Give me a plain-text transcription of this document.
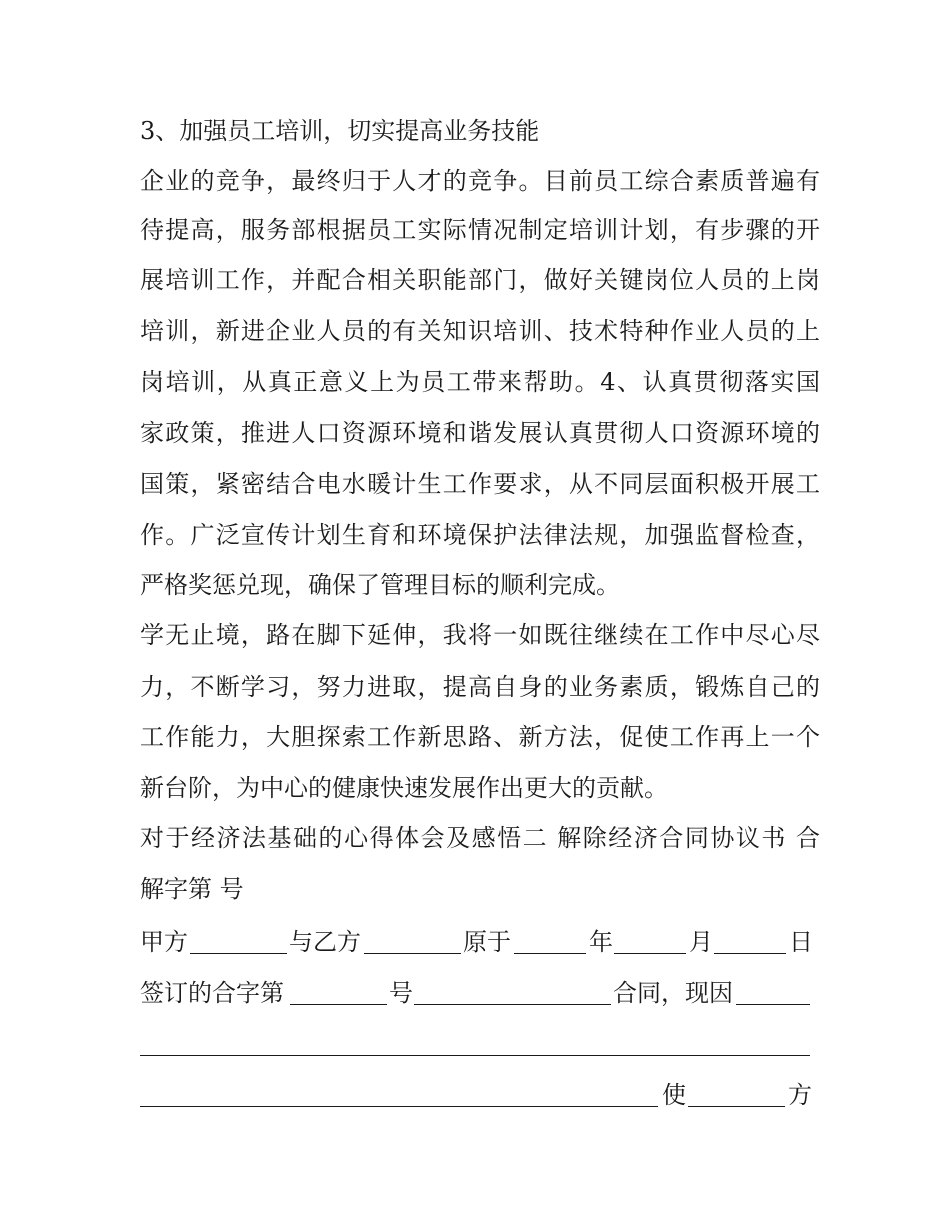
3、加强员工培训，切实提高业务技能
企业的竞争，最终归于人才的竞争。目前员工综合素质普遍有
待提高，服务部根据员工实际情况制定培训计划，有步骤的开
展培训工作，并配合相关职能部门，做好关键岗位人员的上岗
培训，新进企业人员的有关知识培训、技术特种作业人员的上
岗培训，从真正意义上为员工带来帮助。4、认真贯彻落实国
家政策，推进人口资源环境和谐发展认真贯彻人口资源环境的
国策，紧密结合电水暖计生工作要求，从不同层面积极开展工
作。广泛宣传计划生育和环境保护法律法规，加强监督检查，
严格奖惩兑现，确保了管理目标的顺利完成。
学无止境，路在脚下延伸，我将一如既往继续在工作中尽心尽
力，不断学习，努力进取，提高自身的业务素质，锻炼自己的
工作能力，大胆探索工作新思路、新方法，促使工作再上一个
新台阶，为中心的健康快速发展作出更大的贡献。
对于经济法基础的心得体会及感悟二 解除经济合同协议书 合
解字第 号
甲方	与乙方	原于	年	月	日
签订的合字第	号	合同，现因
使	方
